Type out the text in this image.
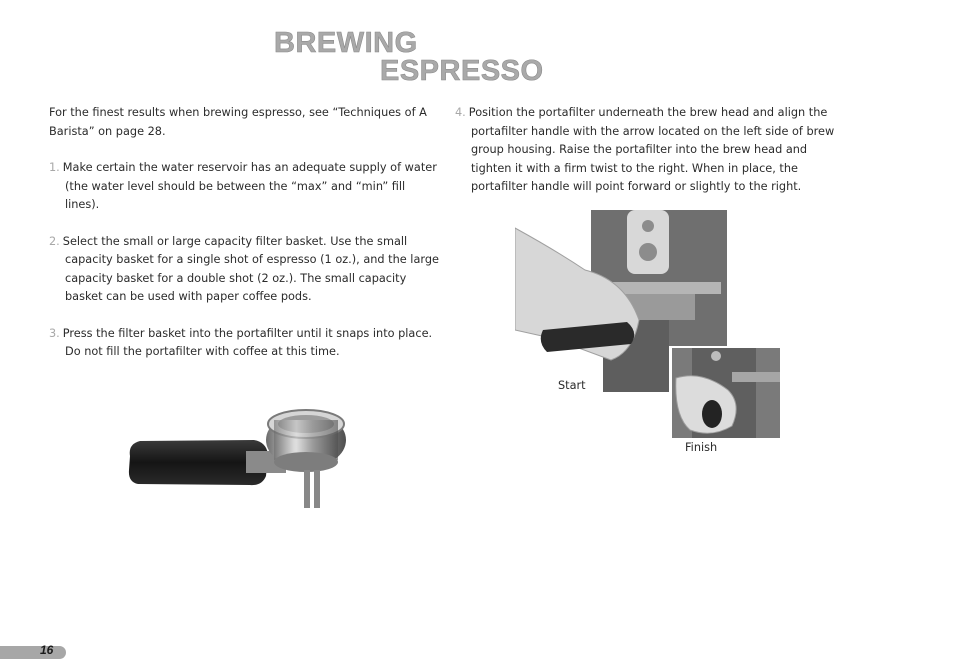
BREWING
ESPRESSO

For the finest results when brewing espresso, see “Techniques of A Barista” on page 28.

1. Make certain the water reservoir has an adequate supply of water (the water level should be between the “max” and “min” fill lines).

2. Select the small or large capacity filter basket. Use the small capacity basket for a single shot of espresso (1 oz.), and the large capacity basket for a double shot (2 oz.). The small capacity basket can be used with paper coffee pods.

3. Press the filter basket into the portafilter until it snaps into place. Do not fill the portafilter with coffee at this time.

4. Position the portafilter underneath the brew head and align the portafilter handle with the arrow located on the left side of brew group housing. Raise the portafilter into the brew head and tighten it with a firm twist to the right. When in place, the portafilter handle will point forward or slightly to the right.

Start
Finish
16
